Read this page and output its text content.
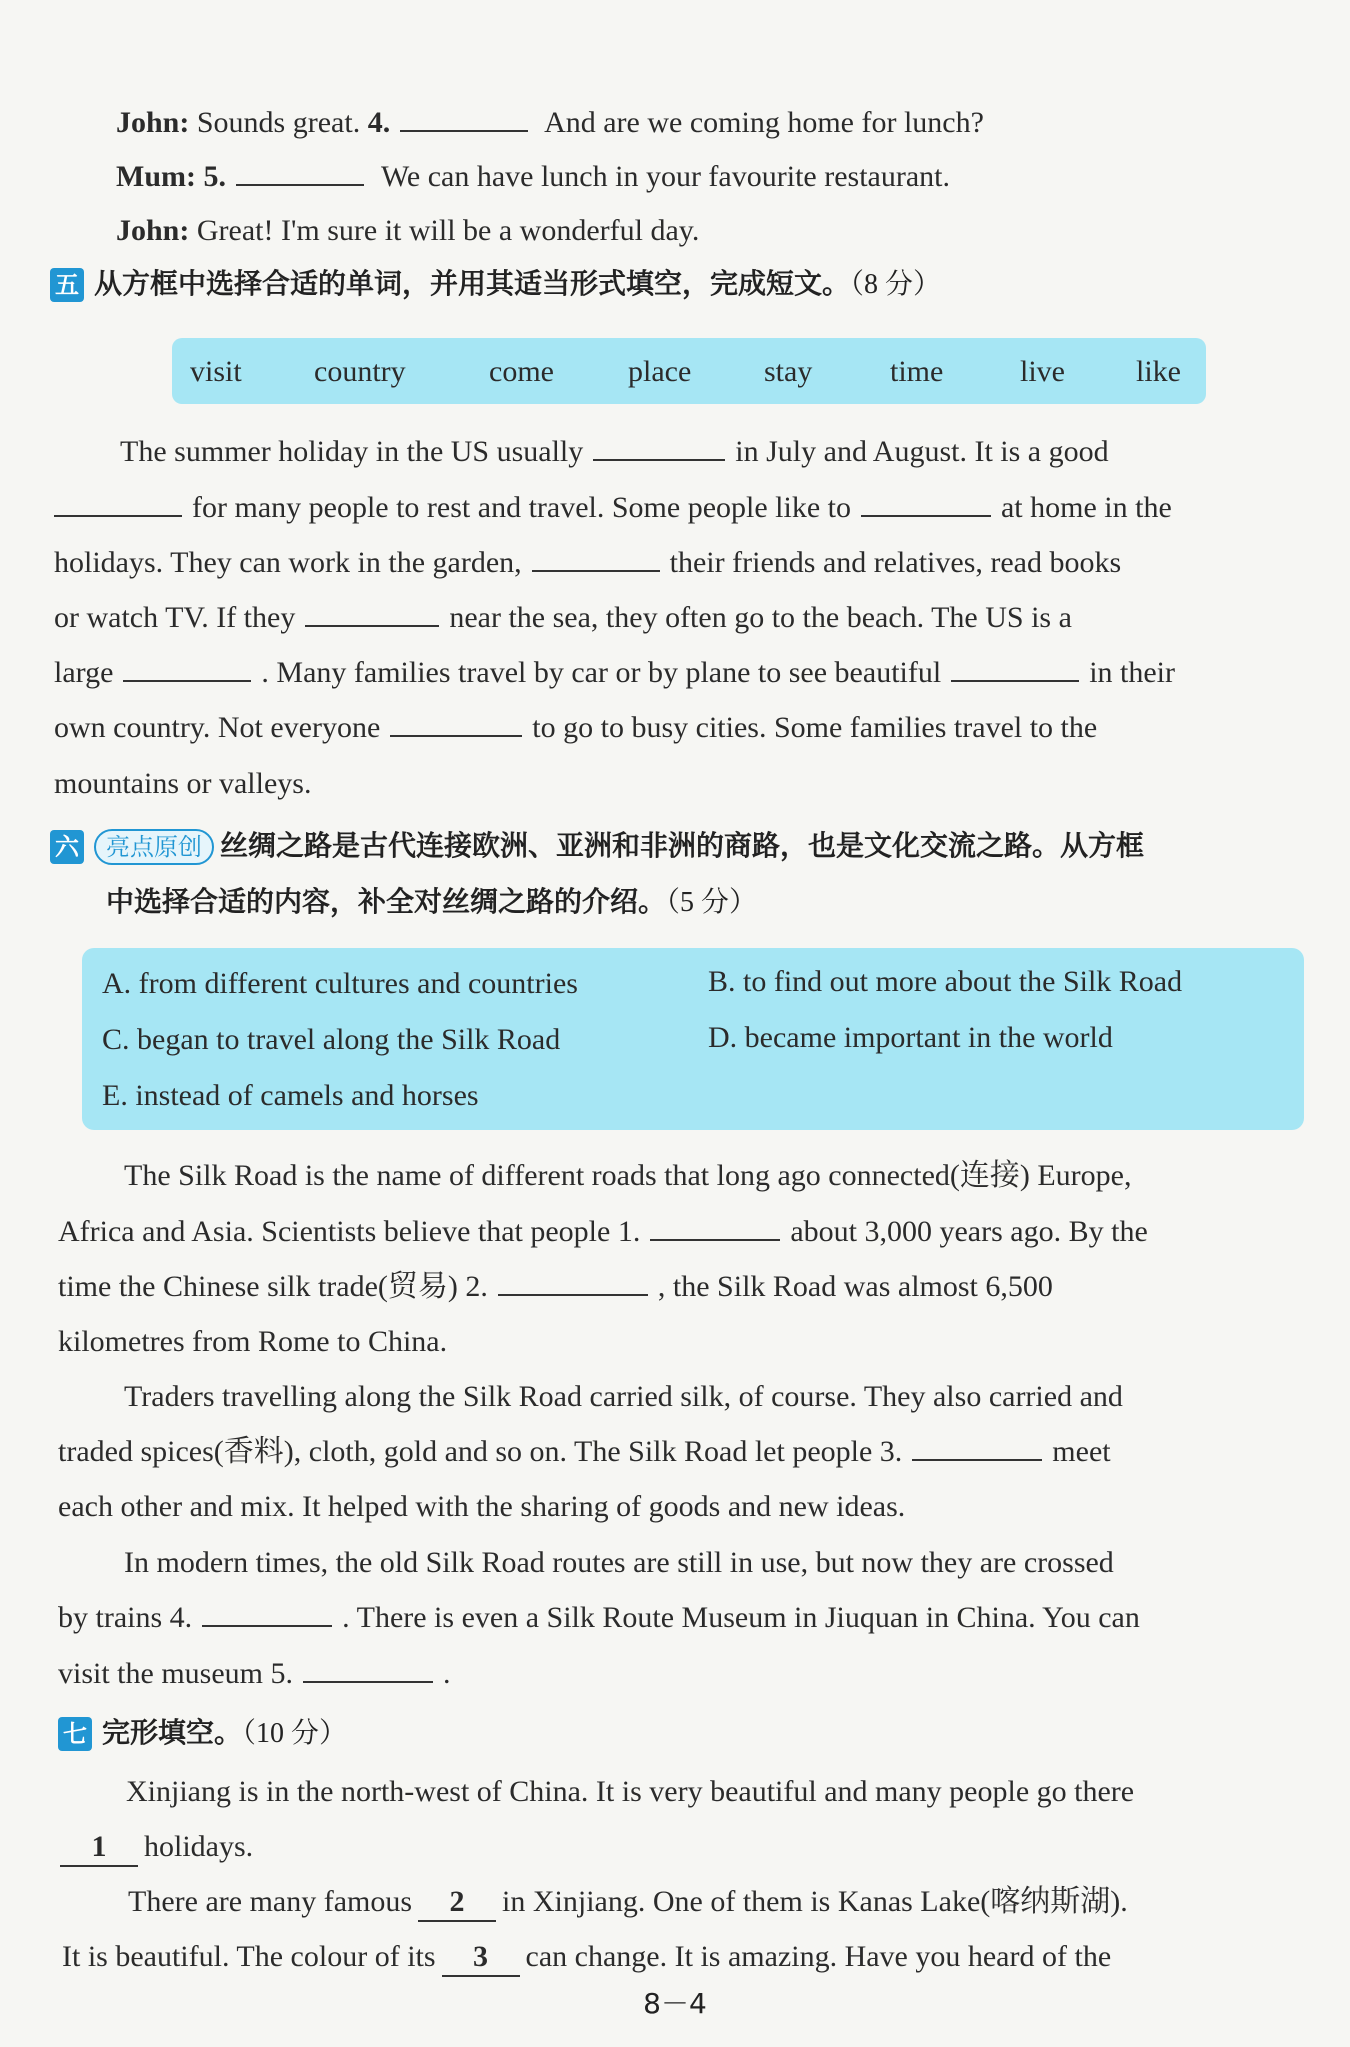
John: Sounds great. 4.	And are we coming home for lunch?
Mum: 5.	We can have lunch in your favourite restaurant.
John: Great! I'm sure it will be a wonderful day.
五 从方框中选择合适的单词，并用其适当形式填空，完成短文。（8 分）
visit country	come place stay	time	live like
The summer holiday in the US usually	in July and August. It is a good
for many people to rest and travel. Some people like to	at home in the
holidays. They can work in the garden,	their friends and relatives, read books
or watch TV. If they	near the sea, they often go to the beach. The US is a
large	. Many families travel by car or by plane to see beautiful	in their
own country. Not everyone	to go to busy cities. Some families travel to the
mountains or valleys.
六 亮点原创 丝绸之路是古代连接欧洲、亚洲和非洲的商路，也是文化交流之路。从方框
中选择合适的内容，补全对丝绸之路的介绍。（5 分）
A. from different cultures and countries	B. to find out more about the Silk Road
C. began to travel along the Silk Road	D. became important in the world
E. instead of camels and horses
The Silk Road is the name of different roads that long ago connected(连接) Europe,
Africa and Asia. Scientists believe that people 1.	about 3,000 years ago. By the
time the Chinese silk trade(贸易) 2.	, the Silk Road was almost 6,500
kilometres from Rome to China.
Traders travelling along the Silk Road carried silk, of course. They also carried and
traded spices(香料), cloth, gold and so on. The Silk Road let people 3.	meet
each other and mix. It helped with the sharing of goods and new ideas.
In modern times, the old Silk Road routes are still in use, but now they are crossed
by trains 4.	. There is even a Silk Route Museum in Jiuquan in China. You can
visit the museum 5.	.
七 完形填空。（10 分）
Xinjiang is in the north-west of China. It is very beautiful and many people go there
1 holidays.
There are many famous 2 in Xinjiang. One of them is Kanas Lake(喀纳斯湖).
It is beautiful. The colour of its 3 can change. It is amazing. Have you heard of the
8－4
